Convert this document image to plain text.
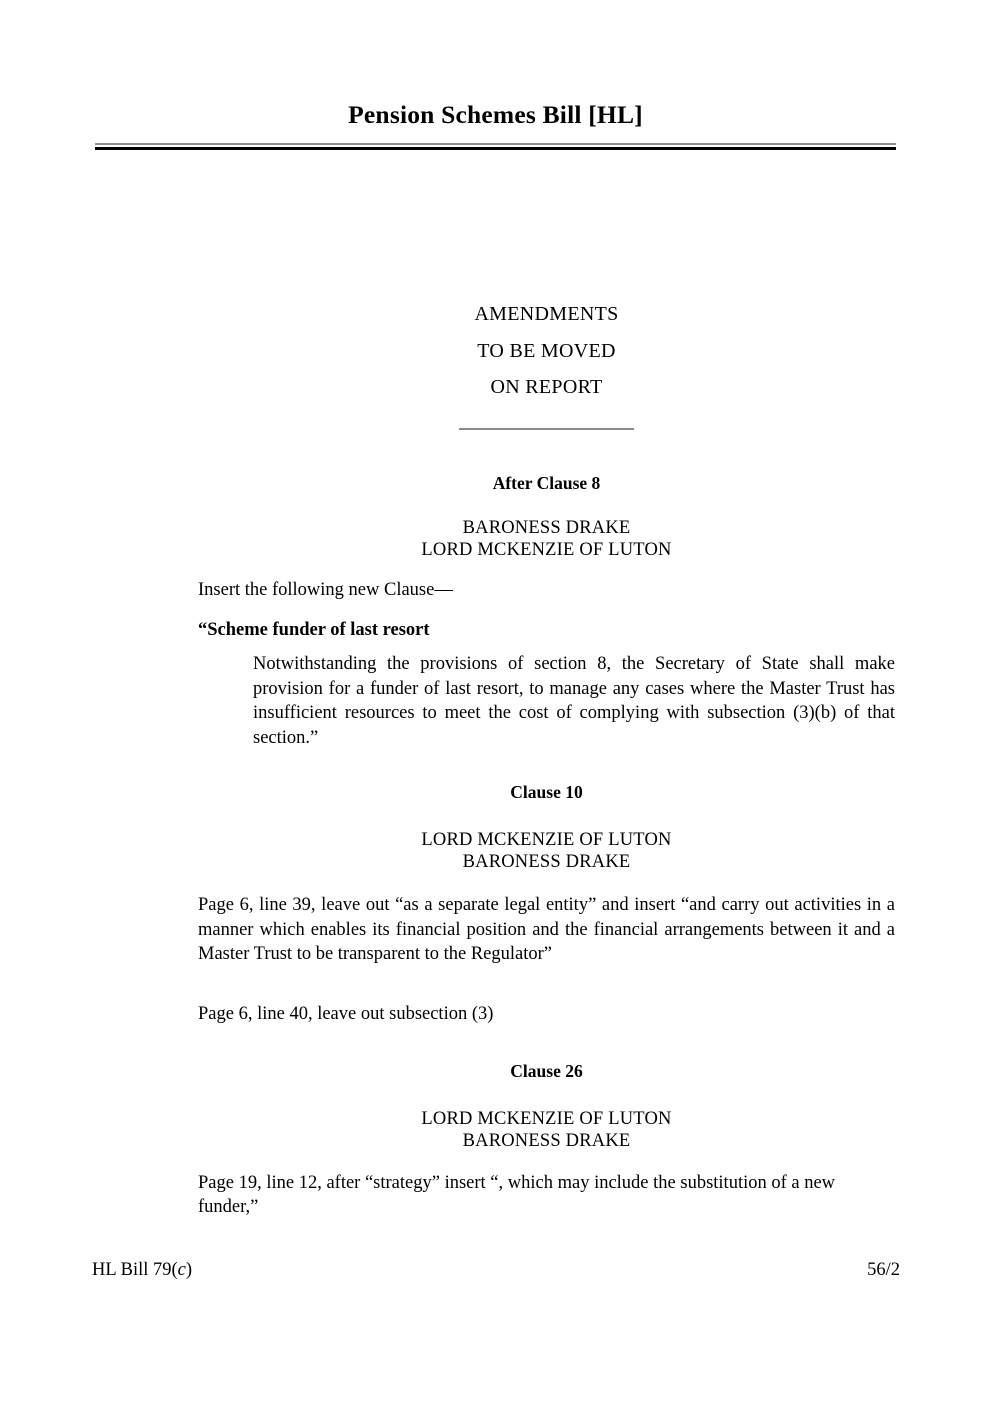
Pension Schemes Bill [HL]
AMENDMENTS
TO BE MOVED
ON REPORT
After Clause 8
BARONESS DRAKE
LORD MCKENZIE OF LUTON
Insert the following new Clause—
“Scheme funder of last resort
Notwithstanding the provisions of section 8, the Secretary of State shall make provision for a funder of last resort, to manage any cases where the Master Trust has insufficient resources to meet the cost of complying with subsection (3)(b) of that section.”
Clause 10
LORD MCKENZIE OF LUTON
BARONESS DRAKE
Page 6, line 39, leave out “as a separate legal entity” and insert “and carry out activities in a manner which enables its financial position and the financial arrangements between it and a Master Trust to be transparent to the Regulator”
Page 6, line 40, leave out subsection (3)
Clause 26
LORD MCKENZIE OF LUTON
BARONESS DRAKE
Page 19, line 12, after “strategy” insert “, which may include the substitution of a new funder,”
HL Bill 79(c)	56/2
